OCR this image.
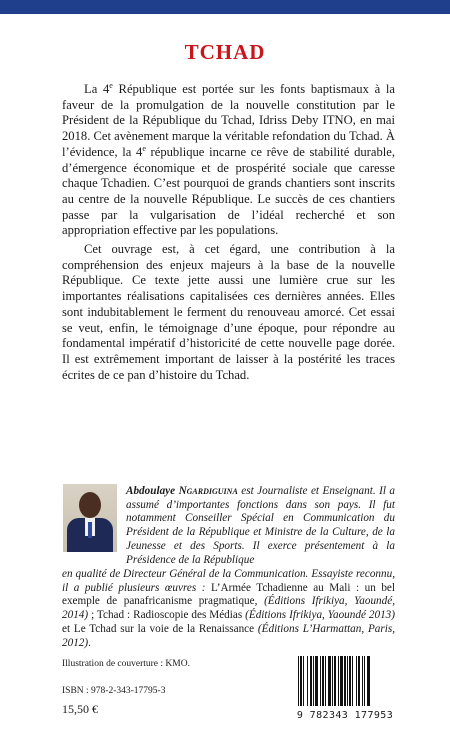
TCHAD

La 4e République est portée sur les fonts baptismaux à la faveur de la promulgation de la nouvelle constitution par le Président de la République du Tchad, Idriss Deby ITNO, en mai 2018. Cet avènement marque la véritable refondation du Tchad. À l’évidence, la 4e république incarne ce rêve de stabilité durable, d’émergence économique et de prospérité sociale que caresse chaque Tchadien. C’est pourquoi de grands chantiers sont inscrits au centre de la nouvelle République. Le succès de ces chantiers passe par la vulgarisation de l’idéal recherché et son appropriation effective par les populations.

Cet ouvrage est, à cet égard, une contribution à la compréhension des enjeux majeurs à la base de la nouvelle République. Ce texte jette aussi une lumière crue sur les importantes réalisations capitalisées ces dernières années. Elles sont indubitablement le ferment du renouveau amorcé. Cet essai se veut, enfin, le témoignage d’une époque, pour répondre au fondamental impératif d’historicité de cette nouvelle page dorée. Il est extrêmement important de laisser à la postérité les traces écrites de ce pan d’histoire du Tchad.

Abdoulaye Ngardiguina est Journaliste et Enseignant. Il a assumé d’importantes fonctions dans son pays. Il fut notamment Conseiller Spécial en Communication du Président de la République et Ministre de la Culture, de la Jeunesse et des Sports. Il exerce présentement à la Présidence de la République
en qualité de Directeur Général de la Communication. Essayiste reconnu, il a publié plusieurs œuvres : L’Armée Tchadienne au Mali : un bel exemple de panafricanisme pragmatique, (Éditions Ifrikiya, Yaoundé, 2014) ; Tchad : Radioscopie des Médias (Éditions Ifrikiya, Yaoundé 2013) et Le Tchad sur la voie de la Renaissance (Éditions L’Harmattan, Paris, 2012).
Illustration de couverture : KMO.
ISBN : 978-2-343-17795-3
15,50 €	9 782343 177953
